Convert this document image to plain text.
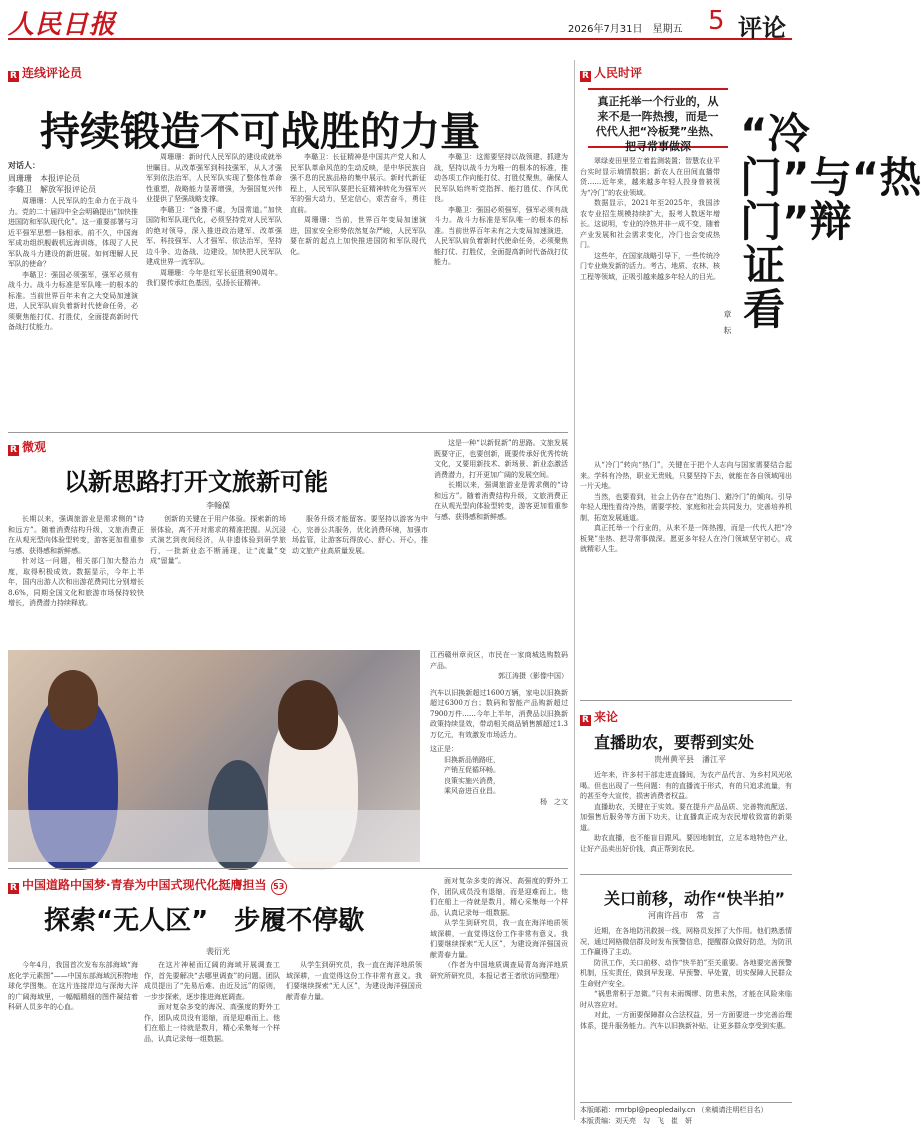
人民日报	2026年7月31日　星期五 5 评论
R 连线评论员
持续锻造不可战胜的力量
对话人：
周珊珊　本报评论员
李璐卫　解放军报评论员

周珊珊：人民军队的生命力在于战斗力。党的二十届四中全会明确提出“加快推进国防和军队现代化”。这一重要部署与习近平强军思想一脉相承。前不久，中国海军成功组织舰载机远海训练，体现了人民军队战斗力建设的新进展。如何理解人民军队的使命？

李璐卫：强国必须强军，强军必须有战斗力。战斗力标准是军队唯一的根本的标准。当前世界百年未有之大变局加速演进，人民军队肩负着新时代使命任务，必须聚焦能打仗、打胜仗，全面提高新时代备战打仗能力。

周珊珊：新时代人民军队的建设成就举世瞩目。从改革强军到科技强军，从人才强军到依法治军，人民军队实现了整体性革命性重塑，战略能力显著增强，为强国复兴伟业提供了坚强战略支撑。

李璐卫：“备豫不虞，为国常道。”加快国防和军队现代化，必须坚持党对人民军队的绝对领导，深入推进政治建军、改革强军、科技强军、人才强军、依法治军，坚持边斗争、边备战、边建设，加快把人民军队建成世界一流军队。

周珊珊：今年是红军长征胜利90周年。我们要传承红色基因，弘扬长征精神。

李璐卫：长征精神是中国共产党人和人民军队革命风范的生动反映，是中华民族自强不息的民族品格的集中展示。新时代新征程上，人民军队要把长征精神转化为强军兴军的强大动力，坚定信心，艰苦奋斗，勇往直前。

周珊珊：当前，世界百年变局加速演进，国家安全形势依然复杂严峻，人民军队要在新的起点上加快推进国防和军队现代化。

李璐卫：这需要坚持以战领建、抓建为战，坚持以战斗力为唯一的根本的标准，推动各项工作向能打仗、打胜仗聚焦，确保人民军队始终听党指挥、能打胜仗、作风优良。

李璐卫：强国必须强军，强军必须有战斗力。战斗力标准是军队唯一的根本的标准。当前世界百年未有之大变局加速演进，人民军队肩负着新时代使命任务，必须聚焦能打仗、打胜仗，全面提高新时代备战打仗能力。

R 微观
以新思路打开文旅新可能
李翰葆

长期以来，强调旅游业是需求侧的“诗和远方”。随着消费结构升级，文旅消费正在从观光型向体验型转变，游客更加看重参与感、获得感和新鲜感。

针对这一问题，相关部门加大整治力度，取得积极成效。数据显示，今年上半年，国内出游人次和出游花费同比分别增长8.6%，同期全国文化和旅游市场保持较快增长，消费潜力持续释放。

创新的关键在于用户体验。探索新的场景体验，离不开对需求的精准把握。从沉浸式演艺到夜间经济，从非遗体验到研学旅行，一批新业态不断涌现，让“流量”变成“留量”。

服务升级才能留客。要坚持以游客为中心，完善公共服务，优化消费环境，加强市场监管，让游客玩得放心、舒心、开心，推动文旅产业高质量发展。

这是一种“以新促新”的思路。文旅发展既要守正，也要创新，既要传承好优秀传统文化，又要用新技术、新场景、新业态激活消费潜力，打开更加广阔的发展空间。

长期以来，强调旅游业是需求侧的“诗和远方”。随着消费结构升级，文旅消费正在从观光型向体验型转变，游客更加看重参与感、获得感和新鲜感。

江西赣州章贡区，市民在一家商城选购数码产品。

郭江涛摄（影像中国）

汽车以旧换新超过1600万辆，家电以旧换新超过6300万台；数码和智能产品购新超过7900万件……今年上半年，消费品以旧换新政策持续显效，带动相关商品销售额超过1.3万亿元，有效激发市场活力。

这正是：

旧换新品销路旺，

产销互促循环畅。

良策实施兴消费，

乘风奋进百业昌。

杨　之文

R 中国道路中国梦·青春为中国式现代化挺膺担当 53
探索“无人区”　步履不停歇
裴衍光

今年4月，我国首次发布东部海域“海底化学元素图”——中国东部海域沉积物地球化学图集。在这片连接岸边与深海大洋的广阔海域里，一幅幅精细的图件凝结着科研人员多年的心血。

在这片神秘而辽阔的海域开展调查工作，首先要解决“去哪里调查”的问题。团队成员提出了“先易后难、由近及远”的原则，一步步探索，逐步推进海底调查。

面对复杂多变的海况、高强度的野外工作，团队成员没有退缩，而是迎难而上。他们在船上一待就是数月，精心采集每一个样品，认真记录每一组数据。

从学生到研究员，我一直在海洋地质领域深耕，一直觉得这份工作非常有意义。我们要继续探索“无人区”，为建设海洋强国贡献青春力量。

面对复杂多变的海况、高强度的野外工作，团队成员没有退缩，而是迎难而上。他们在船上一待就是数月，精心采集每一个样品，认真记录每一组数据。

从学生到研究员，我一直在海洋地质领域深耕，一直觉得这份工作非常有意义。我们要继续探索“无人区”，为建设海洋强国贡献青春力量。

（作者为中国地质调查局青岛海洋地质研究所研究员，本报记者王者欣访问整理）

R 人民时评
真正托举一个行业的，从来不是一阵热搜，而是一代代人把“冷板凳”坐热、把寻常事做深	“冷门”与“热门”辩证看
章　耘

翠绿麦田里竖立着监测装置；智慧农业平台实时显示墒情数据；新农人在田间直播带货……近年来，越来越多年轻人投身曾被视为“冷门”的农业领域。

数据显示，2021年至2025年，我国涉农专业招生规模持续扩大，报考人数逐年增长。这说明，专业的冷热并非一成不变，随着产业发展和社会需求变化，冷门也会变成热门。

这些年，在国家战略引导下，一些传统冷门专业焕发新的活力。考古、地质、农林、核工程等领域，正吸引越来越多年轻人的目光。

从“冷门”转向“热门”，关键在于把个人志向与国家需要结合起来。学科有冷热，职业无贵贱，只要坚持下去，就能在各自领域闯出一片天地。

当然，也要看到，社会上仍存在“追热门、避冷门”的倾向。引导年轻人理性看待冷热，需要学校、家庭和社会共同发力，完善培养机制，拓宽发展通道。

真正托举一个行业的，从来不是一阵热搜，而是一代代人把“冷板凳”坐热、把寻常事做深。愿更多年轻人在冷门领域坚守初心，成就精彩人生。

R 来论
直播助农，要帮到实处
贵州黄平县　潘江平

近年来，许多村干部走进直播间，为农产品代言、为乡村风光吆喝。但也出现了一些问题：有的直播流于形式，有的只追求流量，有的甚至夸大宣传，损害消费者权益。

直播助农，关键在于实效。要在提升产品品质、完善物流配送、加强售后服务等方面下功夫，让直播真正成为农民增收致富的新渠道。

助农直播，也不能盲目跟风。要因地制宜，立足本地特色产业，让好产品卖出好价钱，真正帮到农民。

关口前移，动作“快半拍”
河南许昌市　常　言

近期，在各地防汛救援一线，网格员发挥了大作用。他们熟悉情况，通过网格微信群及时发布预警信息，提醒群众做好防范，为防汛工作赢得了主动。

防汛工作，关口前移、动作“快半拍”至关重要。各地要完善预警机制，压实责任，做到早发现、早预警、早处置，切实保障人民群众生命财产安全。

“祸患常积于忽微。”只有未雨绸缪、防患未然，才能在风险来临时从容应对。

对此，一方面要保障群众合法权益，另一方面要进一步完善治理体系，提升服务能力。汽车以旧换新补贴，让更多群众享受到实惠。

本版邮箱：rmrbpl@peopledaily.cn （来稿请注明栏目名）
本版责编：刘天亮　勾　飞　崔　妍
